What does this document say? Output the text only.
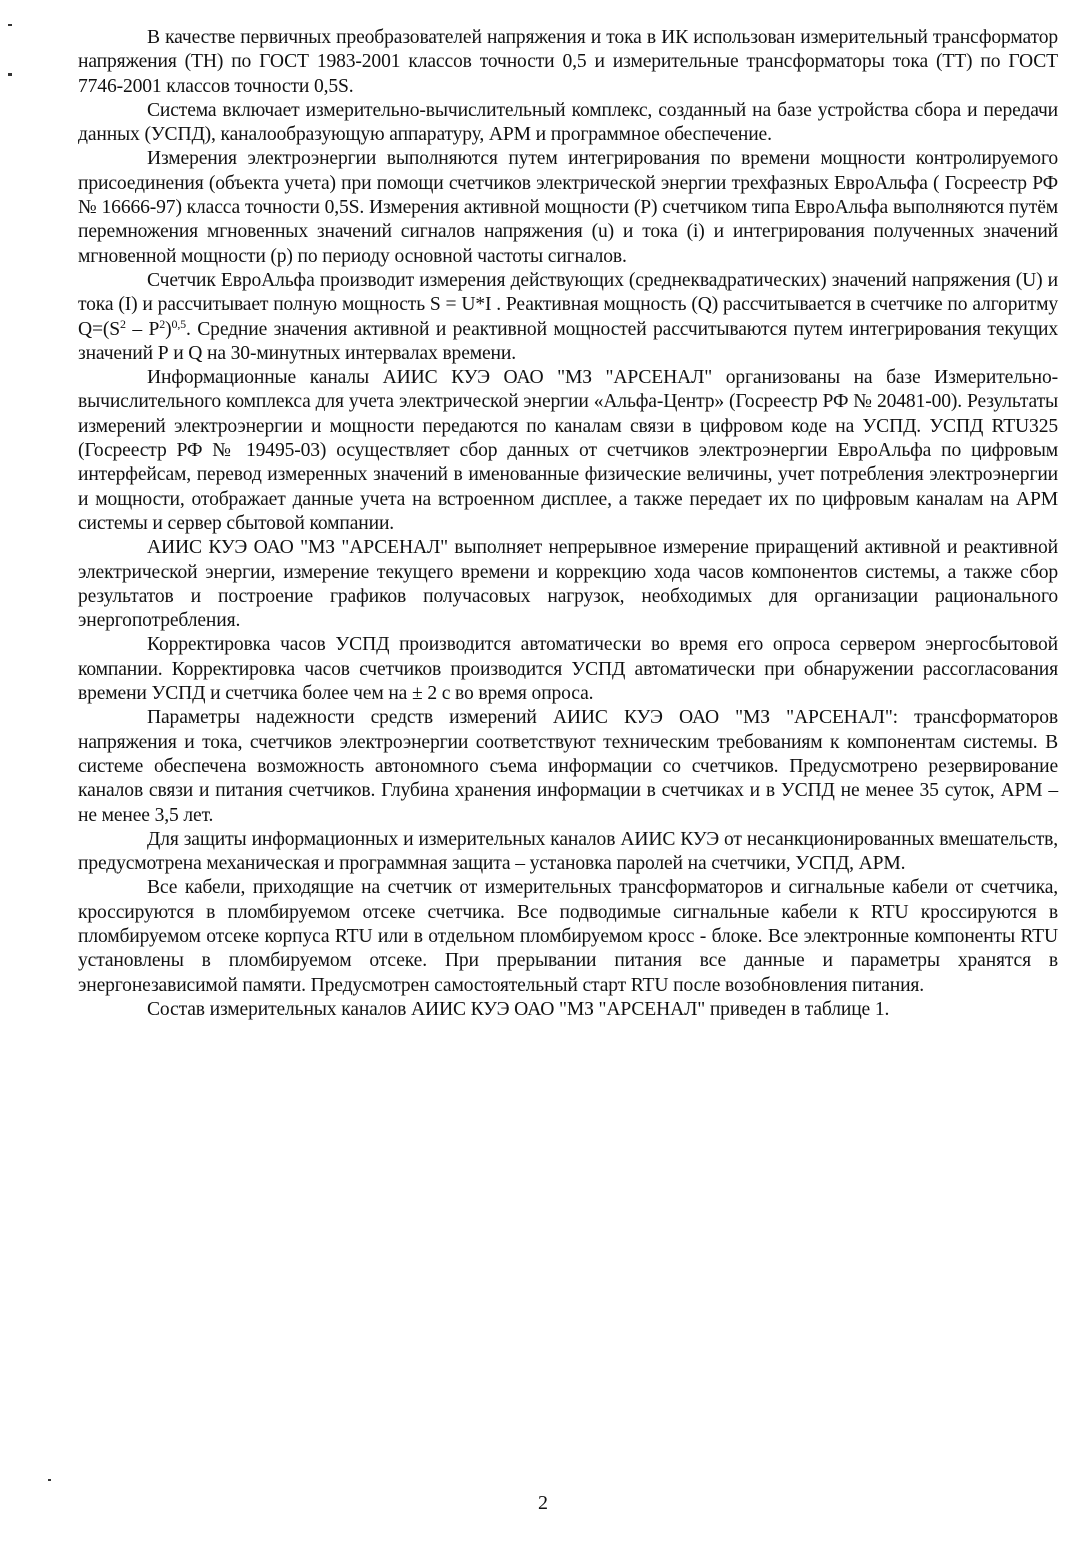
В качестве первичных преобразователей напряжения и тока в ИК использован измерительный трансформатор напряжения (ТН) по ГОСТ 1983-2001 классов точности 0,5 и измерительные трансформаторы тока (ТТ) по ГОСТ 7746-2001 классов точности 0,5S.

Система включает измерительно-вычислительный комплекс, созданный на базе устройства сбора и передачи данных (УСПД), каналообразующую аппаратуру, АРМ и программное обеспечение.

Измерения электроэнергии выполняются путем интегрирования по времени мощности контролируемого присоединения (объекта учета) при помощи счетчиков электрической энергии трехфазных ЕвроАльфа ( Госреестр РФ № 16666-97) класса точности 0,5S. Измерения активной мощности (Р) счетчиком типа ЕвроАльфа выполняются путём перемножения мгновенных значений сигналов напряжения (u) и тока (i) и интегрирования полученных значений мгновенной мощности (p) по периоду основной частоты сигналов.

Счетчик ЕвроАльфа производит измерения действующих (среднеквадратических) значений напряжения (U) и тока (I) и рассчитывает полную мощность S = U*I . Реактивная мощность (Q) рассчитывается в счетчике по алгоритму $Q=(S^2 - P^2)^{0,5}$. Средние значения активной и реактивной мощностей рассчитываются путем интегрирования текущих значений Р и Q на 30-минутных интервалах времени.

Информационные каналы АИИС КУЭ ОАО "МЗ "АРСЕНАЛ" организованы на базе Измерительно-вычислительного комплекса для учета электрической энергии «Альфа-Центр» (Госреестр РФ № 20481-00). Результаты измерений электроэнергии и мощности передаются по каналам связи в цифровом коде на УСПД. УСПД RTU325 (Госреестр РФ № 19495-03) осуществляет сбор данных от счетчиков электроэнергии ЕвроАльфа по цифровым интерфейсам, перевод измеренных значений в именованные физические величины, учет потребления электроэнергии и мощности, отображает данные учета на встроенном дисплее, а также передает их по цифровым каналам на АРМ системы и сервер сбытовой компании.

АИИС КУЭ ОАО "МЗ "АРСЕНАЛ" выполняет непрерывное измерение приращений активной и реактивной электрической энергии, измерение текущего времени и коррекцию хода часов компонентов системы, а также сбор результатов и построение графиков получасовых нагрузок, необходимых для организации рационального энергопотребления.

Корректировка часов УСПД производится автоматически во время его опроса сервером энергосбытовой компании. Корректировка часов счетчиков производится УСПД автоматически при обнаружении рассогласования времени УСПД и счетчика более чем на ± 2 с во время опроса.

Параметры надежности средств измерений АИИС КУЭ ОАО "МЗ "АРСЕНАЛ": трансформаторов напряжения и тока, счетчиков электроэнергии соответствуют техническим требованиям к компонентам системы. В системе обеспечена возможность автономного съема информации со счетчиков. Предусмотрено резервирование каналов связи и питания счетчиков. Глубина хранения информации в счетчиках и в УСПД не менее 35 суток, АРМ – не менее 3,5 лет.

Для защиты информационных и измерительных каналов АИИС КУЭ от несанкционированных вмешательств, предусмотрена механическая и программная защита – установка паролей на счетчики, УСПД, АРМ.

Все кабели, приходящие на счетчик от измерительных трансформаторов и сигнальные кабели от счетчика, кроссируются в пломбируемом отсеке счетчика. Все подводимые сигнальные кабели к RTU кроссируются в пломбируемом отсеке корпуса RTU или в отдельном пломбируемом кросс - блоке. Все электронные компоненты RTU установлены в пломбируемом отсеке. При прерывании питания все данные и параметры хранятся в энергонезависимой памяти. Предусмотрен самостоятельный старт RTU после возобновления питания.

Состав измерительных каналов АИИС КУЭ ОАО "МЗ "АРСЕНАЛ" приведен в таблице 1.

2
